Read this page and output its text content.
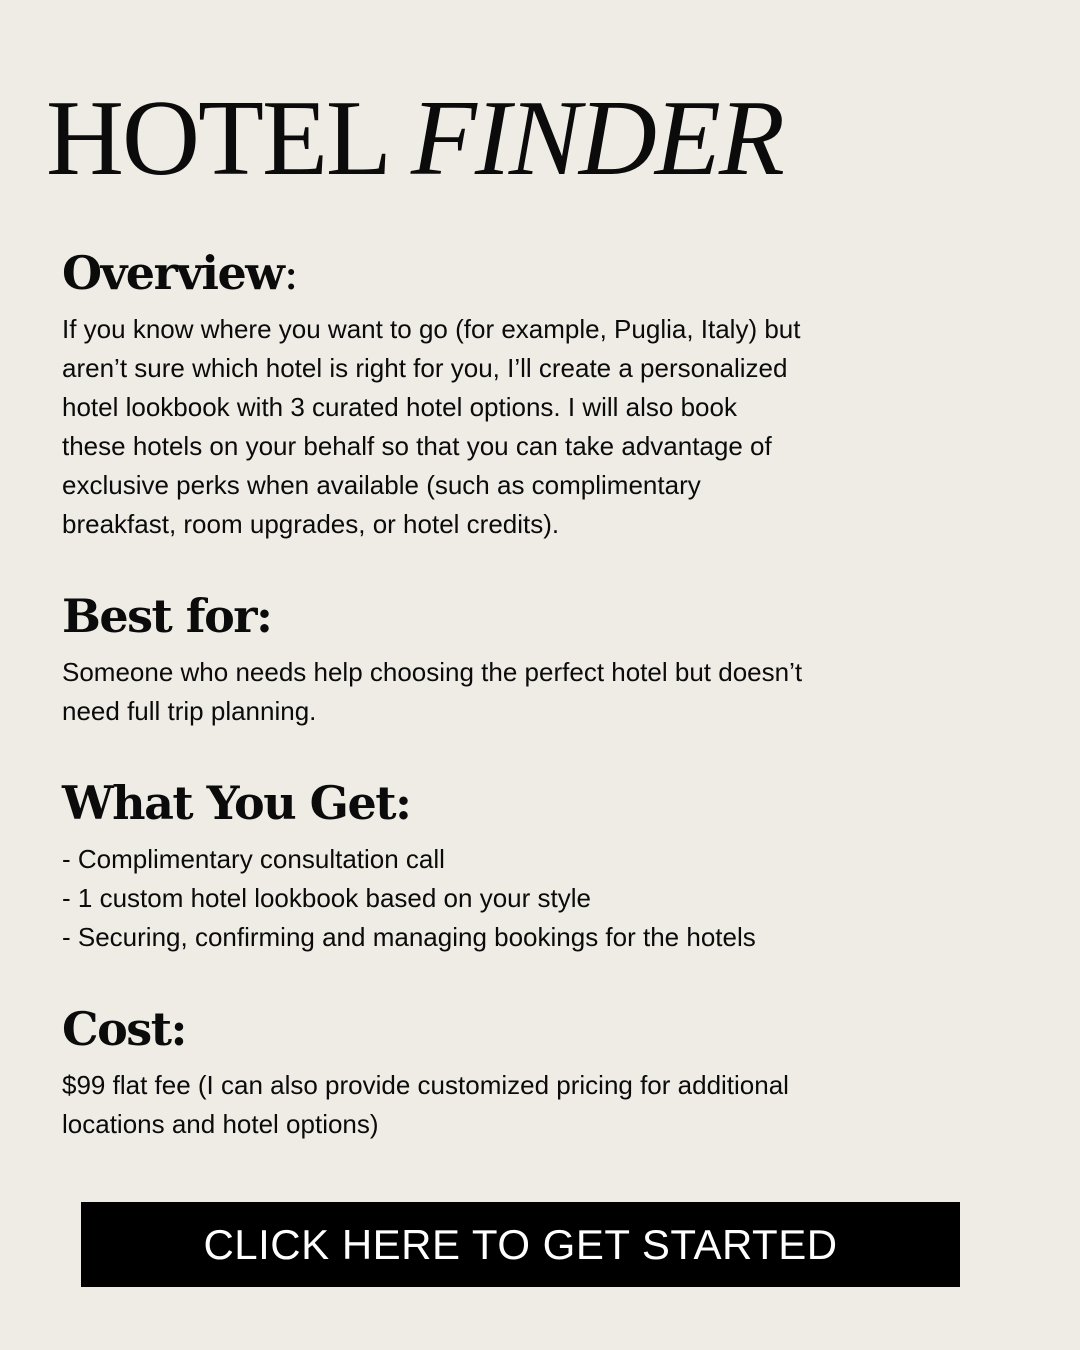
HOTEL FINDER
Overview:

If you know where you want to go (for example, Puglia, Italy) but
aren’t sure which hotel is right for you, I’ll create a personalized
hotel lookbook with 3 curated hotel options. I will also book
these hotels on your behalf so that you can take advantage of
exclusive perks when available (such as complimentary
breakfast, room upgrades, or hotel credits).

Best for:

Someone who needs help choosing the perfect hotel but doesn’t
need full trip planning.

What You Get:
- Complimentary consultation call
- 1 custom hotel lookbook based on your style
- Securing, confirming and managing bookings for the hotels
Cost:

$99 flat fee (I can also provide customized pricing for additional
locations and hotel options)

CLICK HERE TO GET STARTED
